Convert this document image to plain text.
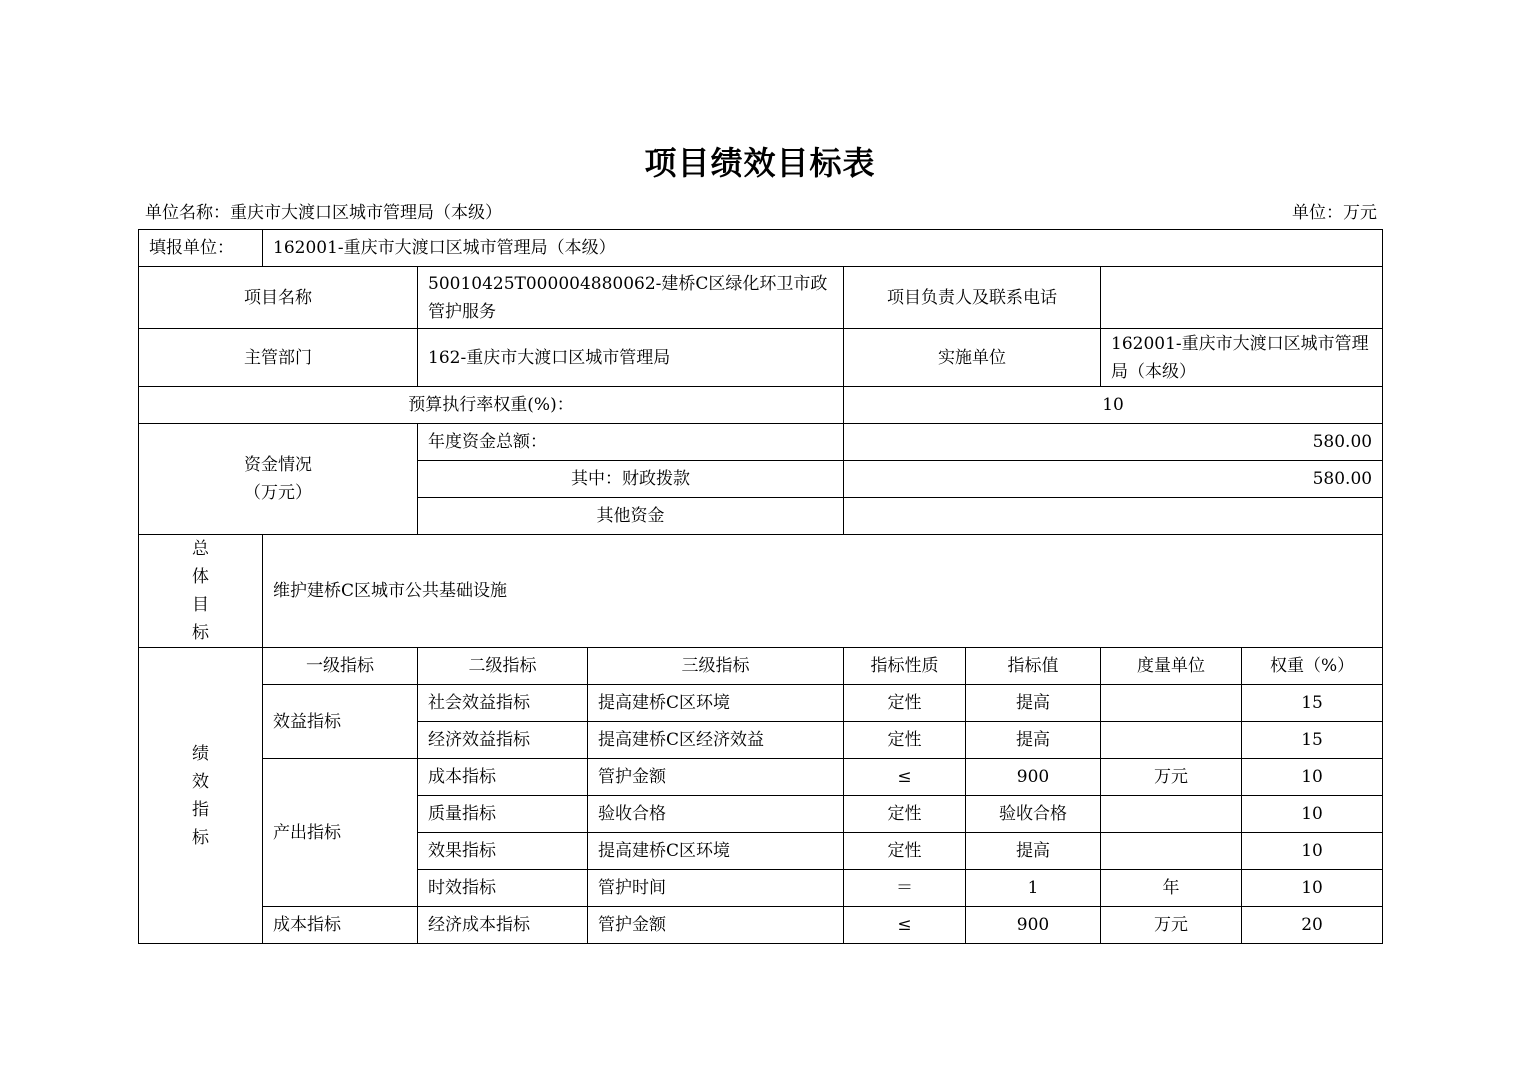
项目绩效目标表
单位名称：重庆市大渡口区城市管理局（本级）	单位：万元
填报单位：	162001-重庆市大渡口区城市管理局（本级）						
项目名称		50010425T000004880062-建桥C区绿化环卫市政管护服务		项目负责人及联系电话			
主管部门		162-重庆市大渡口区城市管理局		实施单位		162001-重庆市大渡口区城市管理局（本级）	
预算执行率权重(%)：				10			

资金情况
（万元）		年度资金总额：		580.00			
		其中：财政拨款		580.00			
		其他资金					

总
体
目
标	维护建桥C区城市公共基础设施						

绩
效
指
标	一级指标	二级指标	三级指标	指标性质	指标值	度量单位	权重（%）
	效益指标	社会效益指标	提高建桥C区环境	定性	提高		15
		经济效益指标	提高建桥C区经济效益	定性	提高		15
	产出指标	成本指标	管护金额	≤	900	万元	10
		质量指标	验收合格	定性	验收合格		10
		效果指标	提高建桥C区环境	定性	提高		10
		时效指标	管护时间	＝	1	年	10
	成本指标	经济成本指标	管护金额	≤	900	万元	20
